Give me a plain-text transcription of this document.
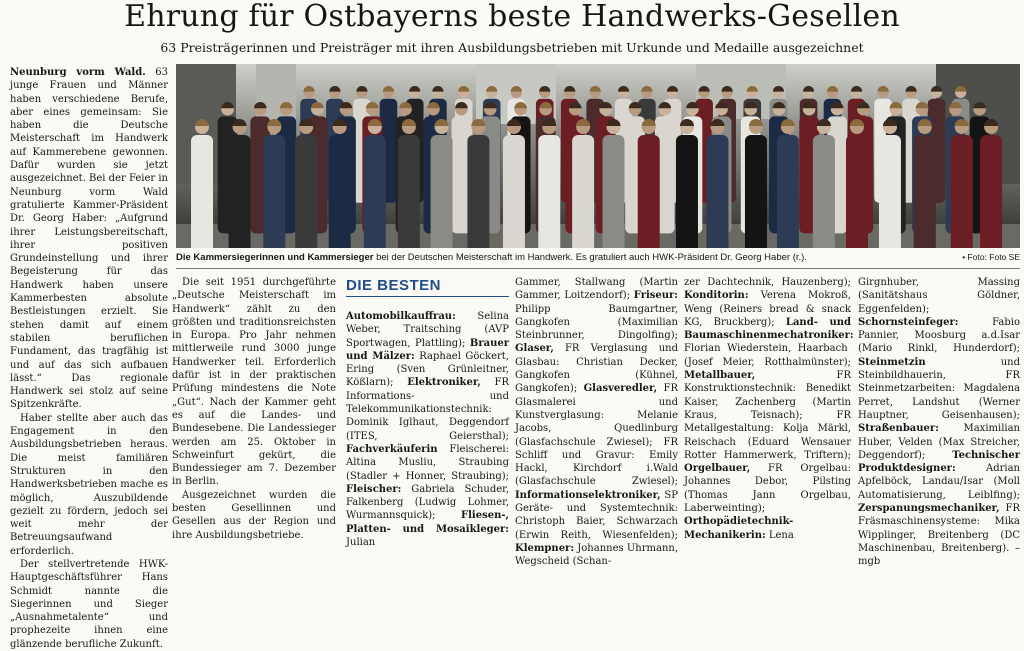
Ehrung für Ostbayerns beste Handwerks-Gesellen
63 Preisträgerinnen und Preisträger mit ihren Ausbildungsbetrieben mit Urkunde und Medaille ausgezeichnet

Neunburg vorm Wald. 63 junge Frauen und Männer haben verschiedene Berufe, aber eines gemeinsam: Sie haben die Deutsche Meisterschaft im Handwerk auf Kammerebene gewonnen. Dafür wurden sie jetzt ausgezeichnet. Bei der Feier in Neunburg vorm Wald gratulierte Kammer-Präsident Dr. Georg Haber: „Aufgrund ihrer Leistungsbereitschaft, ihrer positiven Grundeinstellung und ihrer Begeisterung für das Handwerk haben unsere Kammerbesten absolute Bestleistungen erzielt. Sie stehen damit auf einem stabilen beruflichen Fundament, das tragfähig ist und auf das sich aufbauen lässt.“ Das regionale Handwerk sei stolz auf seine Spitzenkräfte.

Haber stellte aber auch das Engagement in den Ausbildungsbetrieben heraus. Die meist familiären Strukturen in den Handwerksbetrieben mache es möglich, Auszubildende gezielt zu fördern, jedoch sei weit mehr der Betreuungsaufwand erforderlich.

Der stellvertretende HWK-Hauptgeschäftsführer Hans Schmidt nannte die Siegerinnen und Sieger „Ausnahmetalente“ und prophezeite ihnen eine glänzende berufliche Zukunft.

Die Kammersiegerinnen und Kammersieger bei der Deutschen Meisterschaft im Handwerk. Es gratuliert auch HWK-Präsident Dr. Georg Haber (r.).	• Foto: Foto SE

Die seit 1951 durchgeführte „Deutsche Meisterschaft im Handwerk“ zählt zu den größten und traditionsreichsten in Europa. Pro Jahr nehmen mittlerweile rund 3000 junge Handwerker teil. Erforderlich dafür ist in der praktischen Prüfung mindestens die Note „Gut“. Nach der Kammer geht es auf die Landes- und Bundesebene. Die Landessieger werden am 25. Oktober in Schweinfurt gekürt, die Bundessieger am 7. Dezember in Berlin.

Ausgezeichnet wurden die besten Gesellinnen und Gesellen aus der Region und ihre Ausbildungsbetriebe.

DIE BESTEN

Automobilkauffrau: Selina Weber, Traitsching (AVP Sportwagen, Plattling); Brauer und Mälzer: Raphael Göckert, Ering (Sven Grünleitner, Kößlarn); Elektroniker, FR Informations- und Telekommunikationstechnik: Dominik Iglhaut, Deggendorf (ITES, Geiersthal); Fachverkäuferin Fleischerei: Altina Musliu, Straubing (Stadler + Honner, Straubing); Fleischer: Gabriela Schuder, Falkenberg (Ludwig Lohmer, Wurmannsquick); Fliesen-, Platten- und Mosaikleger: Julian

Gammer, Stallwang (Martin Gammer, Loitzendorf); Friseur: Philipp Baumgartner, Gangkofen (Maximilian Steinbrunner, Dingolfing); Glaser, FR Verglasung und Glasbau: Christian Decker, Gangkofen (Kühnel, Gangkofen); Glasveredler, FR Glasmalerei und Kunstverglasung: Melanie Jacobs, Quedlinburg (Glasfachschule Zwiesel); FR Schliff und Gravur: Emily Hackl, Kirchdorf i.Wald (Glasfachschule Zwiesel); Informationselektroniker, SP Geräte- und Systemtechnik: Christoph Baier, Schwarzach (Erwin Reith, Wiesenfelden); Klempner: Johannes Uhrmann, Wegscheid (Schan-

zer Dachtechnik, Hauzenberg); Konditorin: Verena Mokroß, Weng (Reiners bread & snack KG, Bruckberg); Land- und Baumaschinenmechatroniker: Florian Wiederstein, Haarbach (Josef Meier, Rotthalmünster); Metallbauer, FR Konstruktionstechnik: Benedikt Kaiser, Zachenberg (Martin Kraus, Teisnach); FR Metallgestaltung: Kolja Märkl, Reischach (Eduard Wensauer Rotter Hammerwerk, Triftern); Orgelbauer, FR Orgelbau: Johannes Debor, Pilsting (Thomas Jann Orgelbau, Laberweinting); Orthopädietechnik-Mechanikerin: Lena

Girgnhuber, Massing (Sanitätshaus Göldner, Eggenfelden); Schornsteinfeger: Fabio Pannier, Moosburg a.d.Isar (Mario Rinkl, Hunderdorf); Steinmetzin und Steinbildhauerin, FR Steinmetzarbeiten: Magdalena Perret, Landshut (Werner Hauptner, Geisenhausen); Straßenbauer: Maximilian Huber, Velden (Max Streicher, Deggendorf); Technischer Produktdesigner: Adrian Apfelböck, Landau/Isar (Moll Automatisierung, Leiblfing); Zerspanungsmechaniker, FR Fräsmaschinensysteme: Mika Wipplinger, Breitenberg (DC Maschinenbau, Breitenberg). – mgb
